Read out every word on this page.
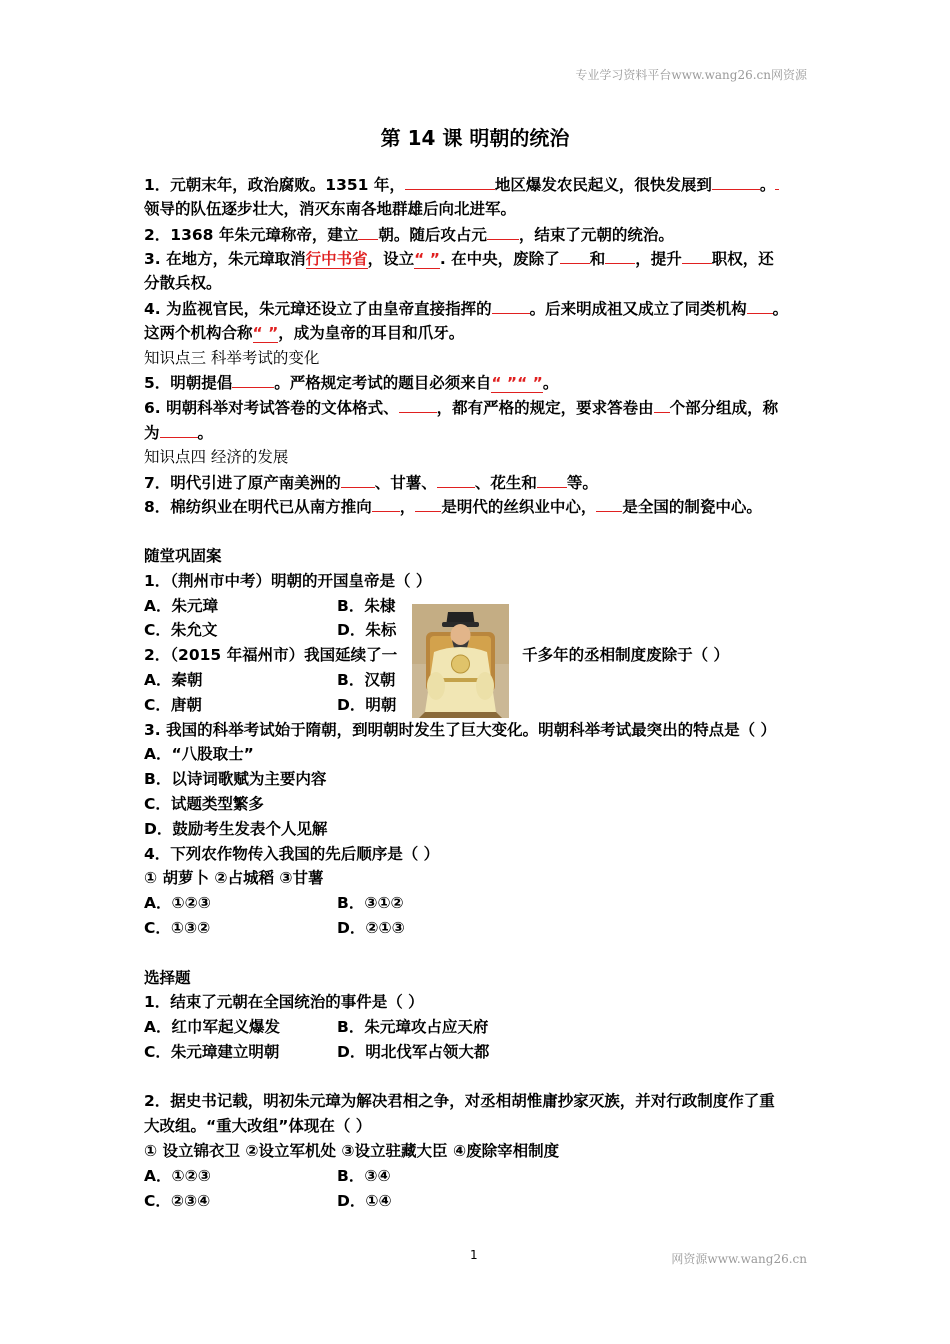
专业学习资料平台www.wang26.cn网资源
第 14 课 明朝的统治
1．元朝末年，政治腐败。1351 年，	地区爆发农民起义，很快发展到	。
领导的队伍逐步壮大，消灭东南各地群雄后向北进军。
2．1368 年朱元璋称帝，建立 朝。随后攻占元 ，结束了元朝的统治。
3. 在地方，朱元璋取消行中书省，设立“ ”. 在中央，废除了 和 ，提升 职权，还
分散兵权。
4. 为监视官民，朱元璋还设立了由皇帝直接指挥的 。后来明成祖又成立了同类机构 。
这两个机构合称“ ”，成为皇帝的耳目和爪牙。
知识点三 科举考试的变化
5．明朝提倡	。严格规定考试的题目必须来自“ ”“ ”。
6. 明朝科举对考试答卷的文体格式、 ，都有严格的规定，要求答卷由 个部分组成，称
为 。
知识点四 经济的发展
7．明代引进了原产南美洲的 、甘薯、 、花生和 等。
8．棉纺织业在明代已从南方推向 ， 是明代的丝织业中心， 是全国的制瓷中心。
随堂巩固案
1．（荆州市中考）明朝的开国皇帝是（ ）
A．朱元璋	B．朱棣
C．朱允文	D．朱标
2．（2015 年福州市）我国延续了一	千多年的丞相制度废除于（ ）
A．秦朝	B．汉朝
C．唐朝	D．明朝
3. 我国的科举考试始于隋朝，到明朝时发生了巨大变化。明朝科举考试最突出的特点是（ ）
A．“八股取士”
B．以诗词歌赋为主要内容
C．试题类型繁多
D．鼓励考生发表个人见解
4．下列农作物传入我国的先后顺序是（ ）
① 胡萝卜 ②占城稻 ③甘薯
A．①②③	B．③①②
C．①③②	D．②①③
选择题
1．结束了元朝在全国统治的事件是（ ）
A．红巾军起义爆发	B．朱元璋攻占应天府
C．朱元璋建立明朝	D．明北伐军占领大都
2．据史书记载，明初朱元璋为解决君相之争，对丞相胡惟庸抄家灭族，并对行政制度作了重
大改组。“重大改组”体现在（ ）
① 设立锦衣卫 ②设立军机处 ③设立驻藏大臣 ④废除宰相制度
A．①②③	B．③④
C．②③④	D．①④
1	网资源www.wang26.cn
